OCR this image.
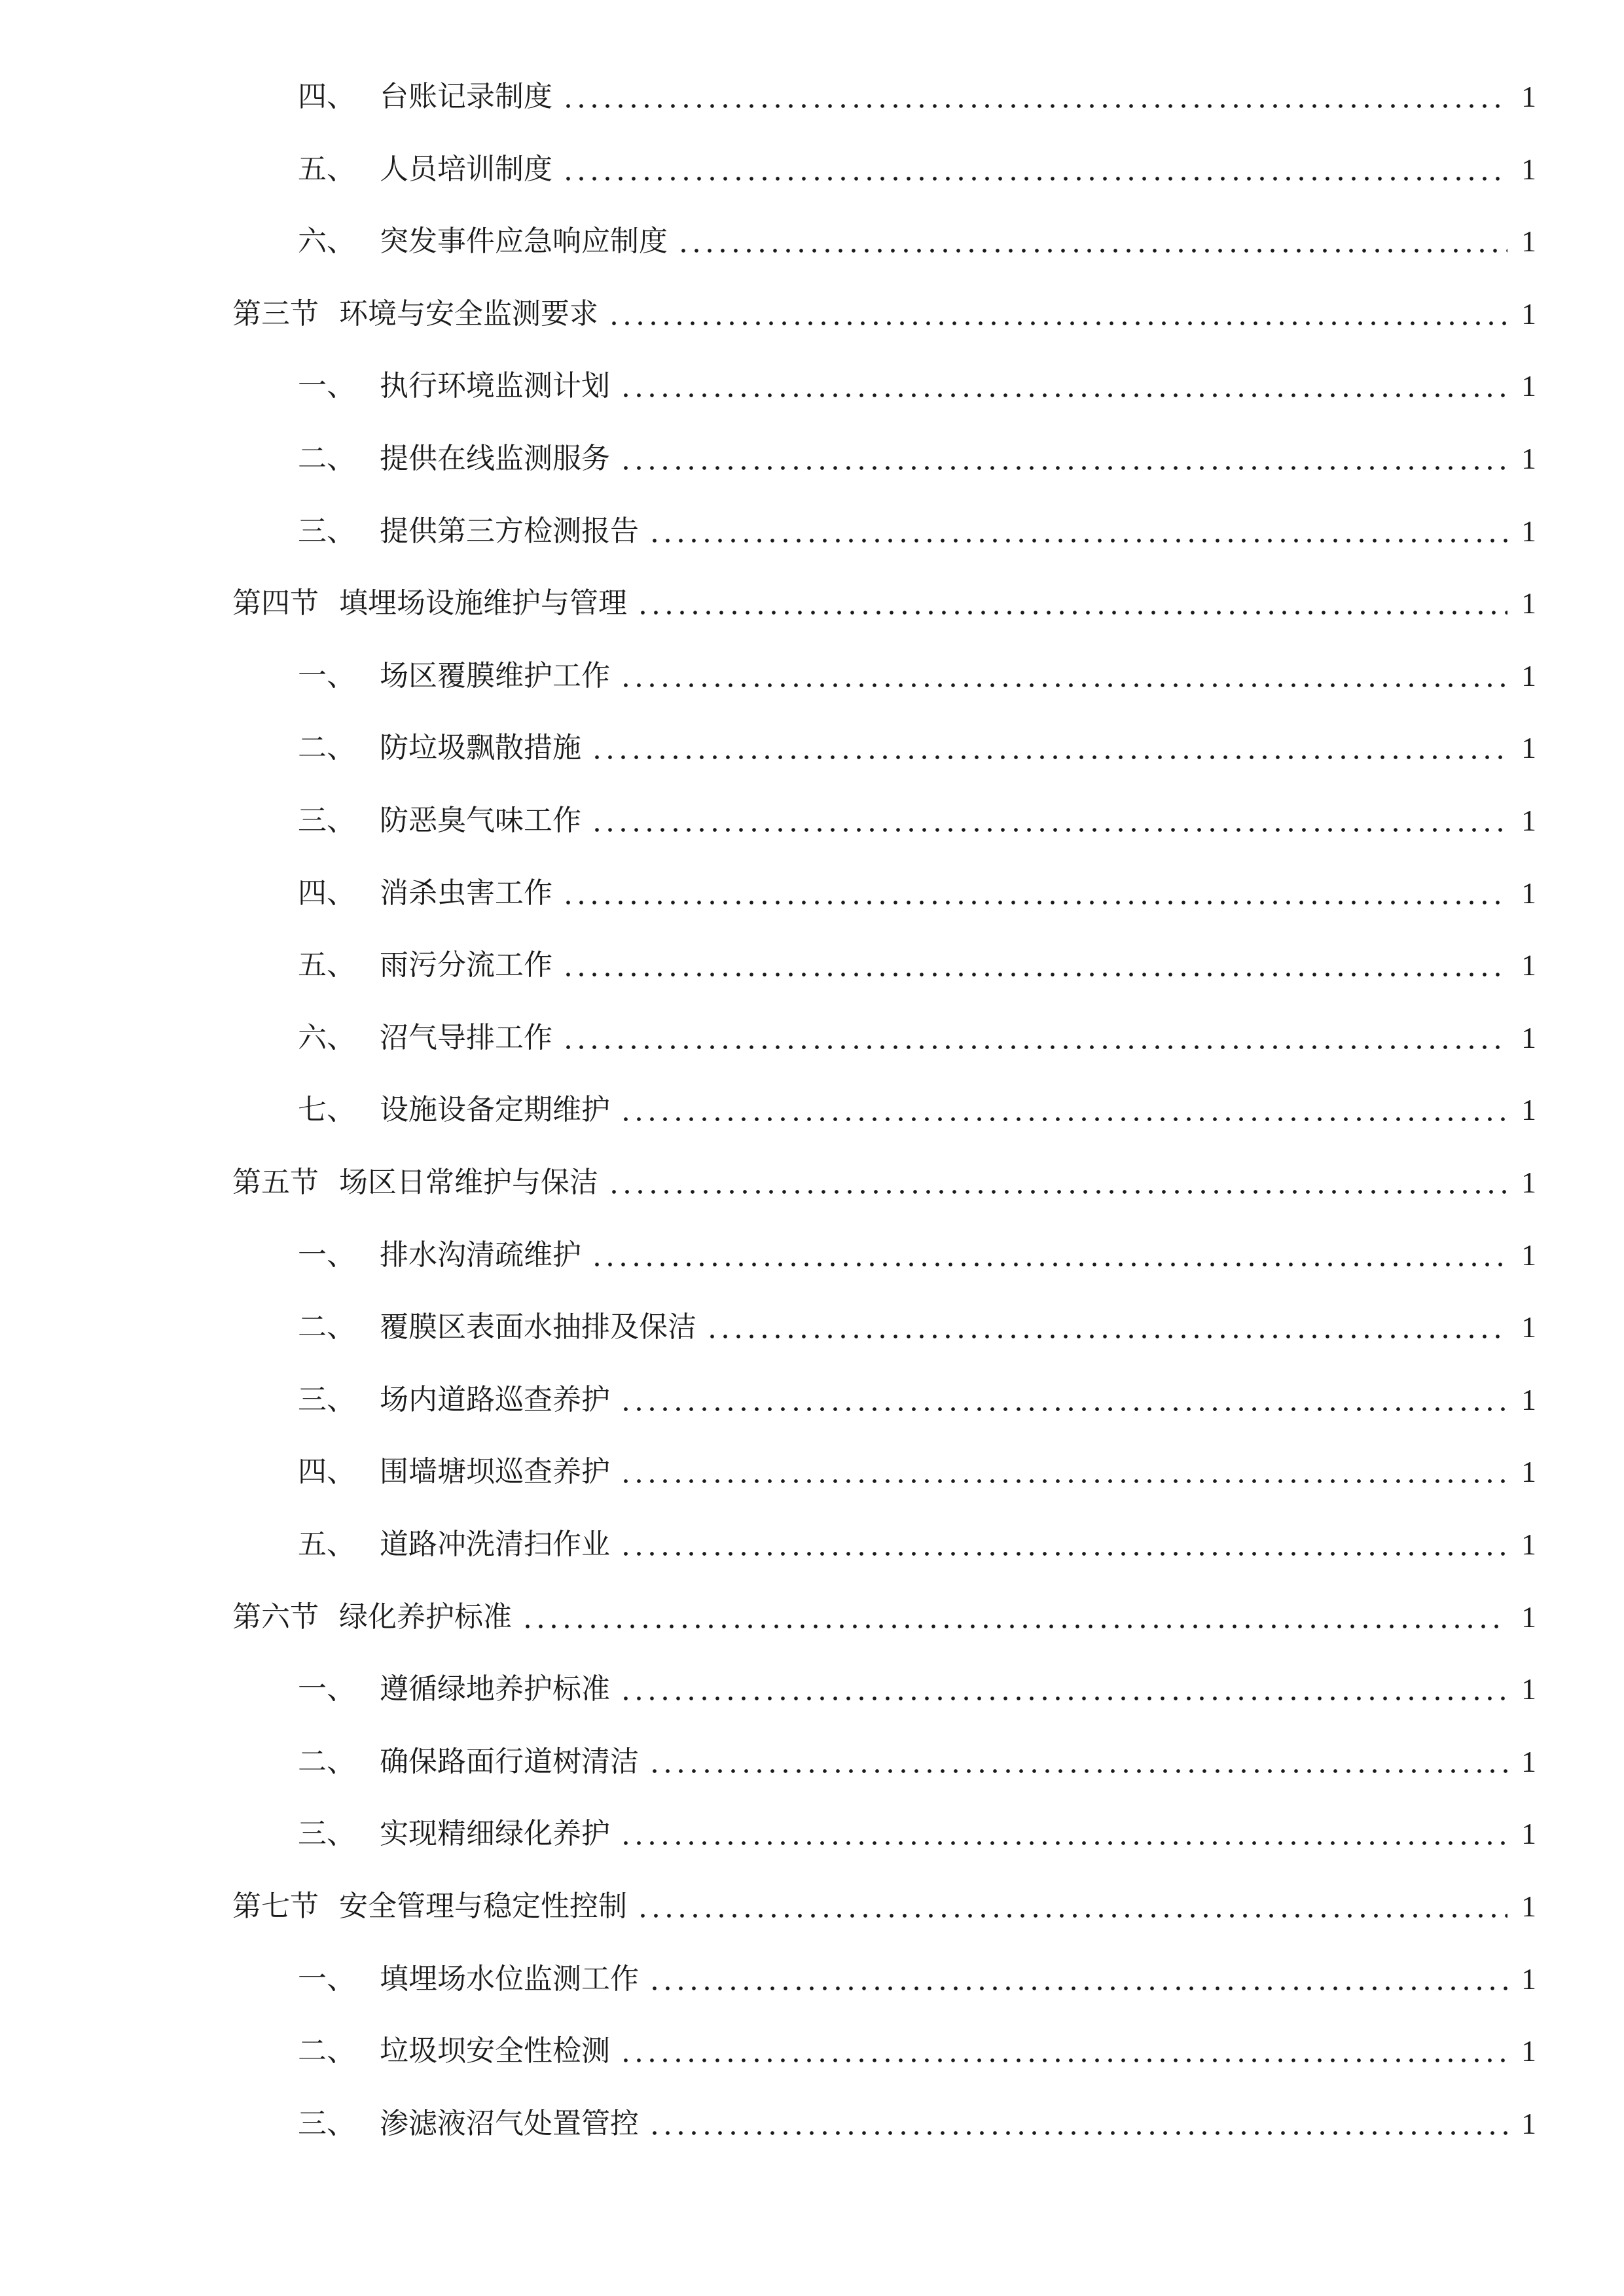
四、 台账记录制度	1
五、 人员培训制度	1
六、 突发事件应急响应制度	1
第三节 环境与安全监测要求	1
一、 执行环境监测计划	1
二、 提供在线监测服务	1
三、 提供第三方检测报告	1
第四节 填埋场设施维护与管理	1
一、 场区覆膜维护工作	1
二、 防垃圾飘散措施	1
三、 防恶臭气味工作	1
四、 消杀虫害工作	1
五、 雨污分流工作	1
六、 沼气导排工作	1
七、 设施设备定期维护	1
第五节 场区日常维护与保洁	1
一、 排水沟清疏维护	1
二、 覆膜区表面水抽排及保洁	1
三、 场内道路巡查养护	1
四、 围墙塘坝巡查养护	1
五、 道路冲洗清扫作业	1
第六节 绿化养护标准	1
一、 遵循绿地养护标准	1
二、 确保路面行道树清洁	1
三、 实现精细绿化养护	1
第七节 安全管理与稳定性控制	1
一、 填埋场水位监测工作	1
二、 垃圾坝安全性检测	1
三、 渗滤液沼气处置管控	1
